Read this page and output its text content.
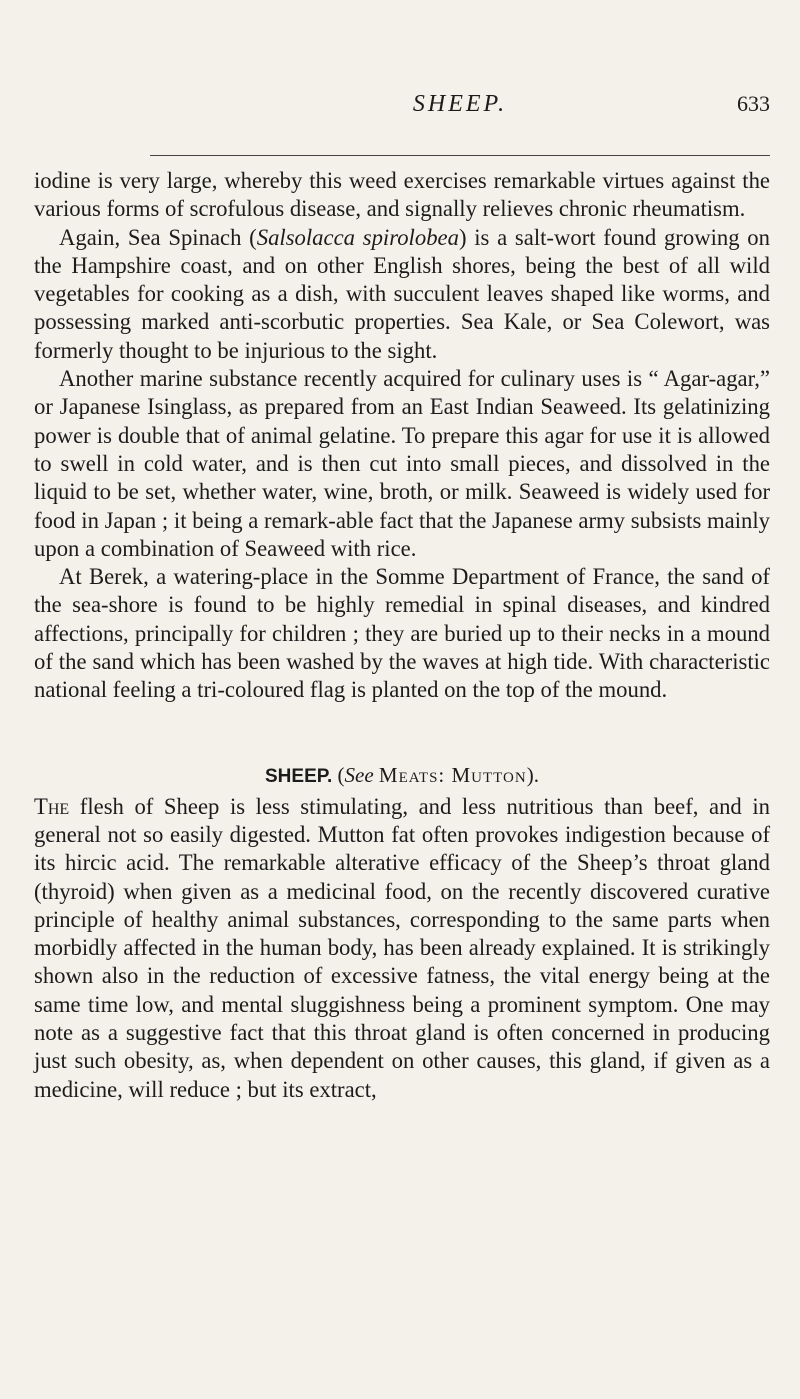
SHEEP.	633

iodine is very large, whereby this weed exercises remarkable virtues against the various forms of scrofulous disease, and signally relieves chronic rheumatism.

Again, Sea Spinach (Salsolacca spirolobea) is a salt-wort found growing on the Hampshire coast, and on other English shores, being the best of all wild vegetables for cooking as a dish, with succulent leaves shaped like worms, and possessing marked anti-scorbutic properties. Sea Kale, or Sea Colewort, was formerly thought to be injurious to the sight.

Another marine substance recently acquired for culinary uses is “ Agar-agar,” or Japanese Isinglass, as prepared from an East Indian Seaweed. Its gelatinizing power is double that of animal gelatine. To prepare this agar for use it is allowed to swell in cold water, and is then cut into small pieces, and dissolved in the liquid to be set, whether water, wine, broth, or milk. Seaweed is widely used for food in Japan ; it being a remark-able fact that the Japanese army subsists mainly upon a combination of Seaweed with rice.

At Berek, a watering-place in the Somme Department of France, the sand of the sea-shore is found to be highly remedial in spinal diseases, and kindred affections, principally for children ; they are buried up to their necks in a mound of the sand which has been washed by the waves at high tide. With characteristic national feeling a tri-coloured flag is planted on the top of the mound.

SHEEP. (See Meats: Mutton).

The flesh of Sheep is less stimulating, and less nutritious than beef, and in general not so easily digested. Mutton fat often provokes indigestion because of its hircic acid. The remarkable alterative efficacy of the Sheep’s throat gland (thyroid) when given as a medicinal food, on the recently discovered curative principle of healthy animal substances, corresponding to the same parts when morbidly affected in the human body, has been already explained. It is strikingly shown also in the reduction of excessive fatness, the vital energy being at the same time low, and mental sluggishness being a prominent symptom. One may note as a suggestive fact that this throat gland is often concerned in producing just such obesity, as, when dependent on other causes, this gland, if given as a medicine, will reduce ; but its extract,
